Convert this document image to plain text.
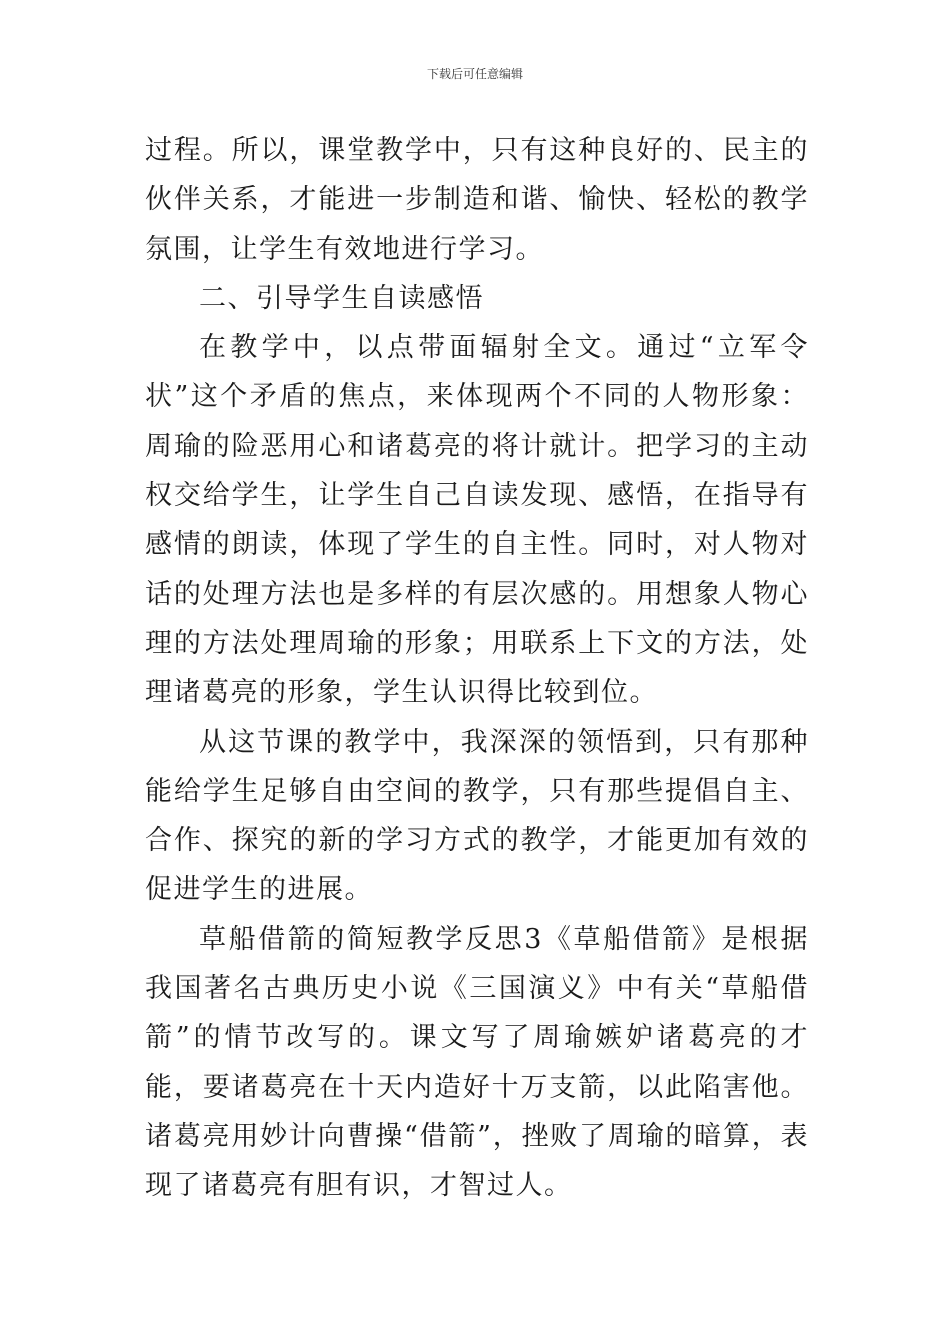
下载后可任意编辑

过程。所以，课堂教学中，只有这种良好的、民主的伙伴关系，才能进一步制造和谐、愉快、轻松的教学氛围，让学生有效地进行学习。

二、引导学生自读感悟

在教学中，以点带面辐射全文。通过“立军令状”这个矛盾的焦点，来体现两个不同的人物形象：周瑜的险恶用心和诸葛亮的将计就计。把学习的主动权交给学生，让学生自己自读发现、感悟，在指导有感情的朗读，体现了学生的自主性。同时，对人物对话的处理方法也是多样的有层次感的。用想象人物心理的方法处理周瑜的形象；用联系上下文的方法，处理诸葛亮的形象，学生认识得比较到位。

从这节课的教学中，我深深的领悟到，只有那种能给学生足够自由空间的教学，只有那些提倡自主、合作、探究的新的学习方式的教学，才能更加有效的促进学生的进展。

草船借箭的简短教学反思3《草船借箭》是根据我国著名古典历史小说《三国演义》中有关“草船借箭”的情节改写的。课文写了周瑜嫉妒诸葛亮的才能，要诸葛亮在十天内造好十万支箭，以此陷害他。诸葛亮用妙计向曹操“借箭”，挫败了周瑜的暗算，表现了诸葛亮有胆有识，才智过人。
